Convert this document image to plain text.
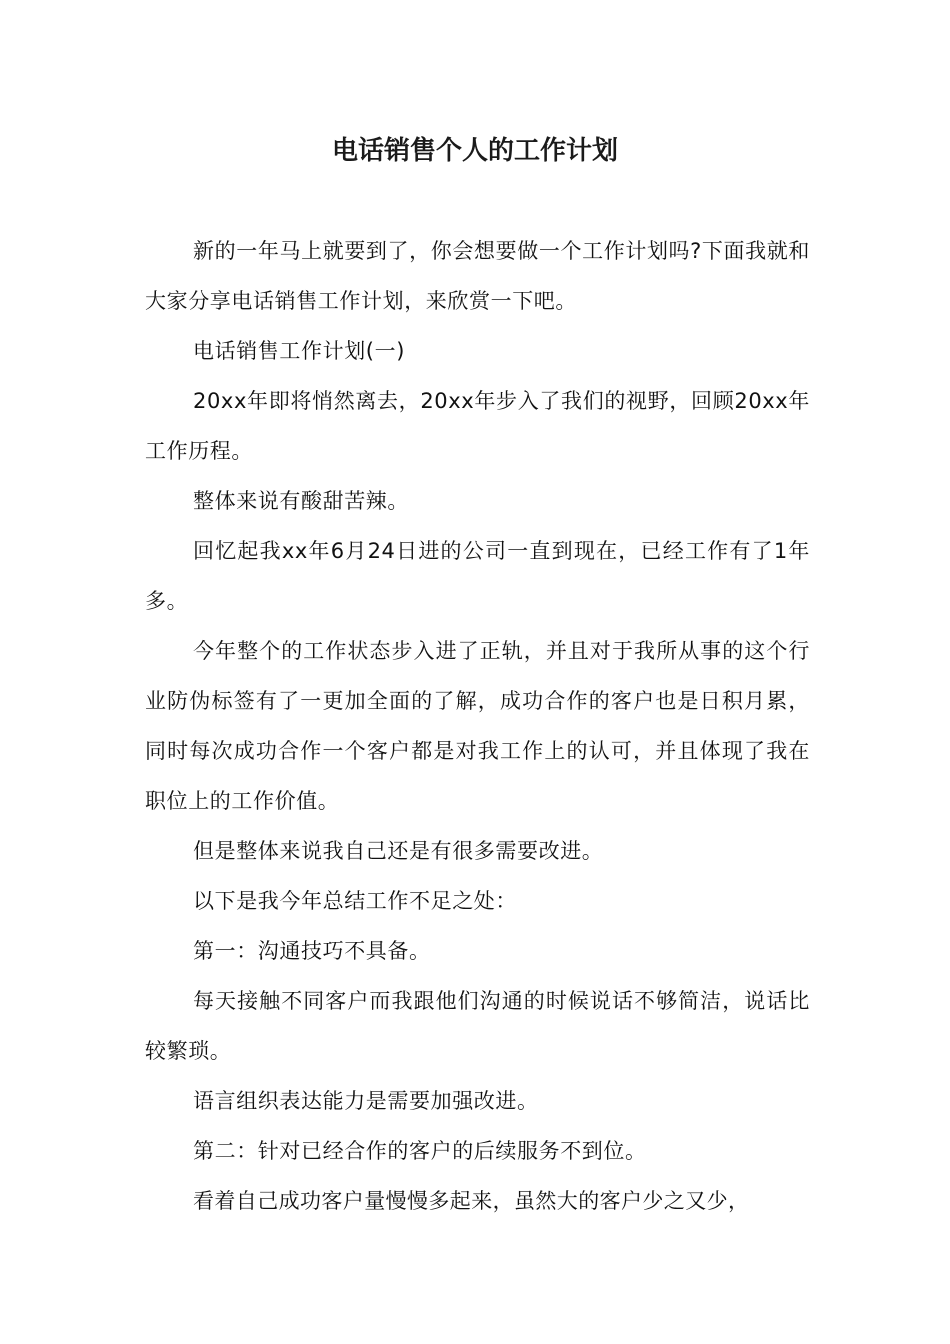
电话销售个人的工作计划

新的一年马上就要到了，你会想要做一个工作计划吗?下面我就和大家分享电话销售工作计划，来欣赏一下吧。

电话销售工作计划(一)

20xx年即将悄然离去，20xx年步入了我们的视野，回顾20xx年工作历程。

整体来说有酸甜苦辣。

回忆起我xx年6月24日进的公司一直到现在，已经工作有了1年多。

今年整个的工作状态步入进了正轨，并且对于我所从事的这个行业防伪标签有了一更加全面的了解，成功合作的客户也是日积月累，同时每次成功合作一个客户都是对我工作上的认可，并且体现了我在职位上的工作价值。

但是整体来说我自己还是有很多需要改进。

以下是我今年总结工作不足之处：

第一：沟通技巧不具备。

每天接触不同客户而我跟他们沟通的时候说话不够简洁，说话比较繁琐。

语言组织表达能力是需要加强改进。

第二：针对已经合作的客户的后续服务不到位。

看着自己成功客户量慢慢多起来，虽然大的客户少之又少，
